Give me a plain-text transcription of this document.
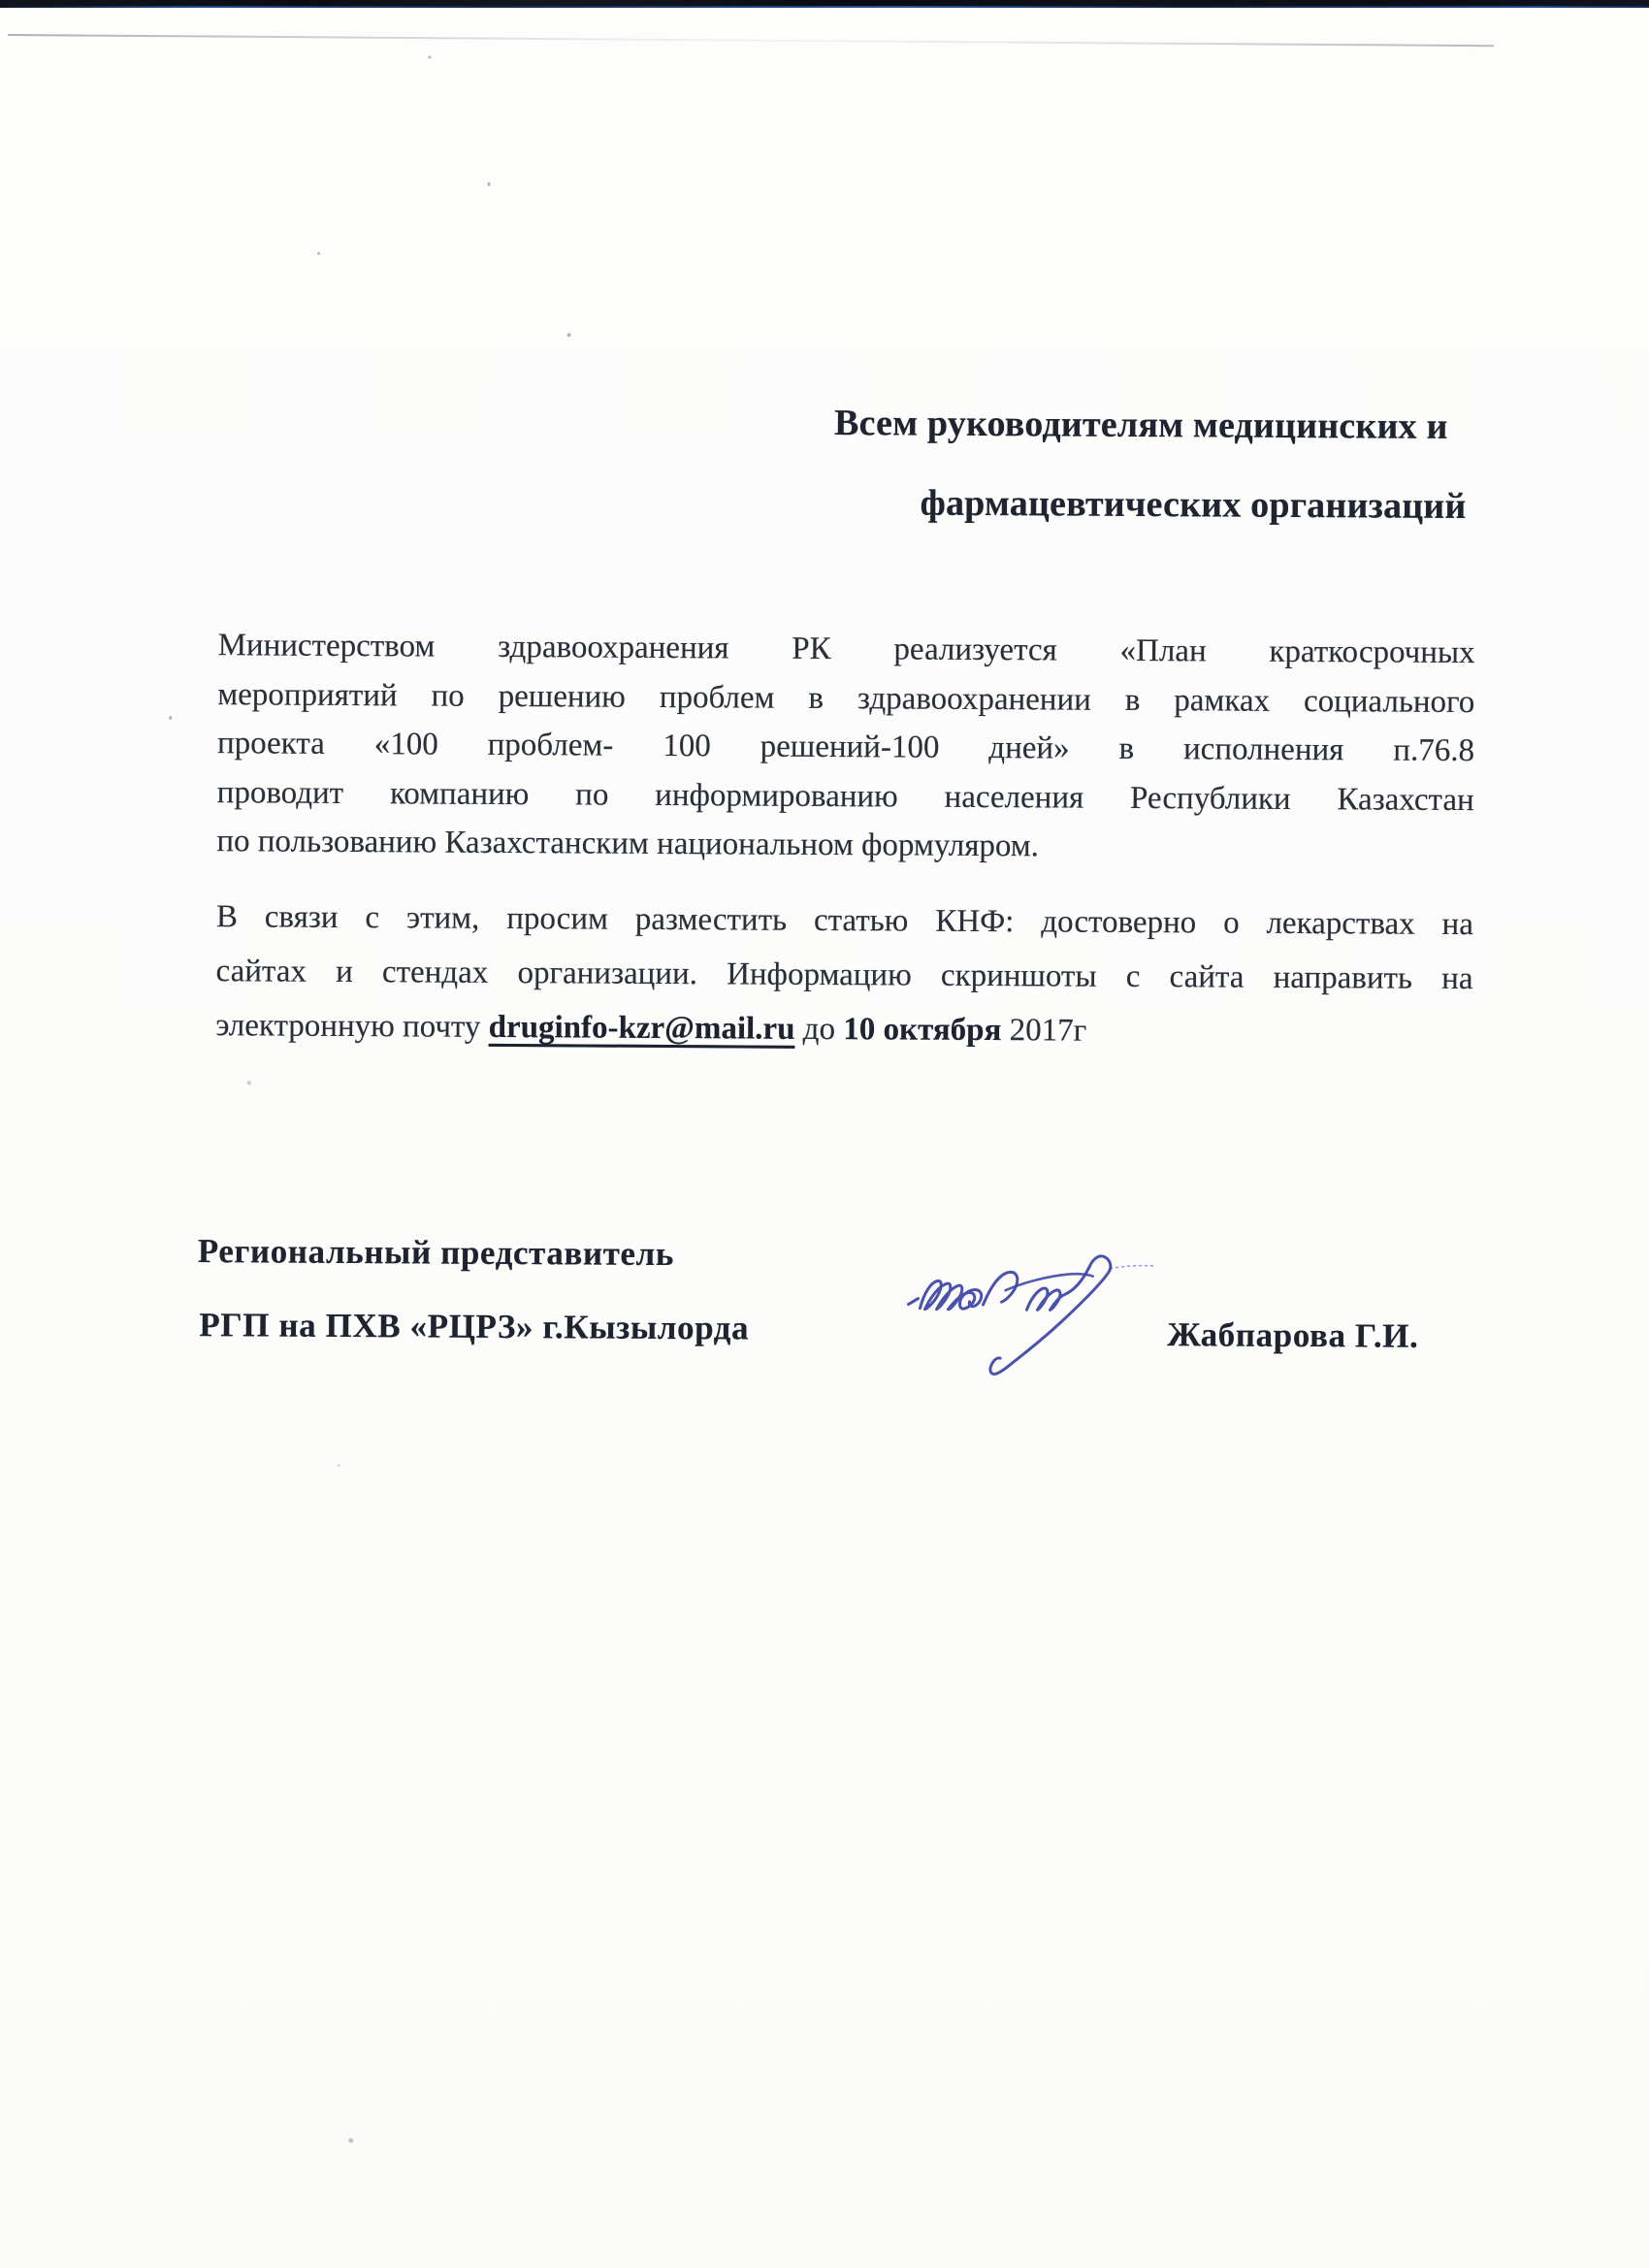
Всем руководителям медицинских и
фармацевтических организаций
Министерством здравоохранения РК реализуется «План краткосрочных
мероприятий по решению проблем в здравоохранении в рамках социального
проекта «100 проблем- 100 решений-100 дней» в исполнения п.76.8
проводит компанию по информированию населения Республики Казахстан
по пользованию Казахстанским национальном формуляром.
В связи с этим, просим разместить статью КНФ: достоверно о лекарствах на
сайтах и стендах организации. Информацию скриншоты с сайта направить на
электронную почту druginfo-kzr@mail.ru до 10 октября 2017г
Региональный представитель
РГП на ПХВ «РЦРЗ» г.Кызылорда	Жабпарова Г.И.
